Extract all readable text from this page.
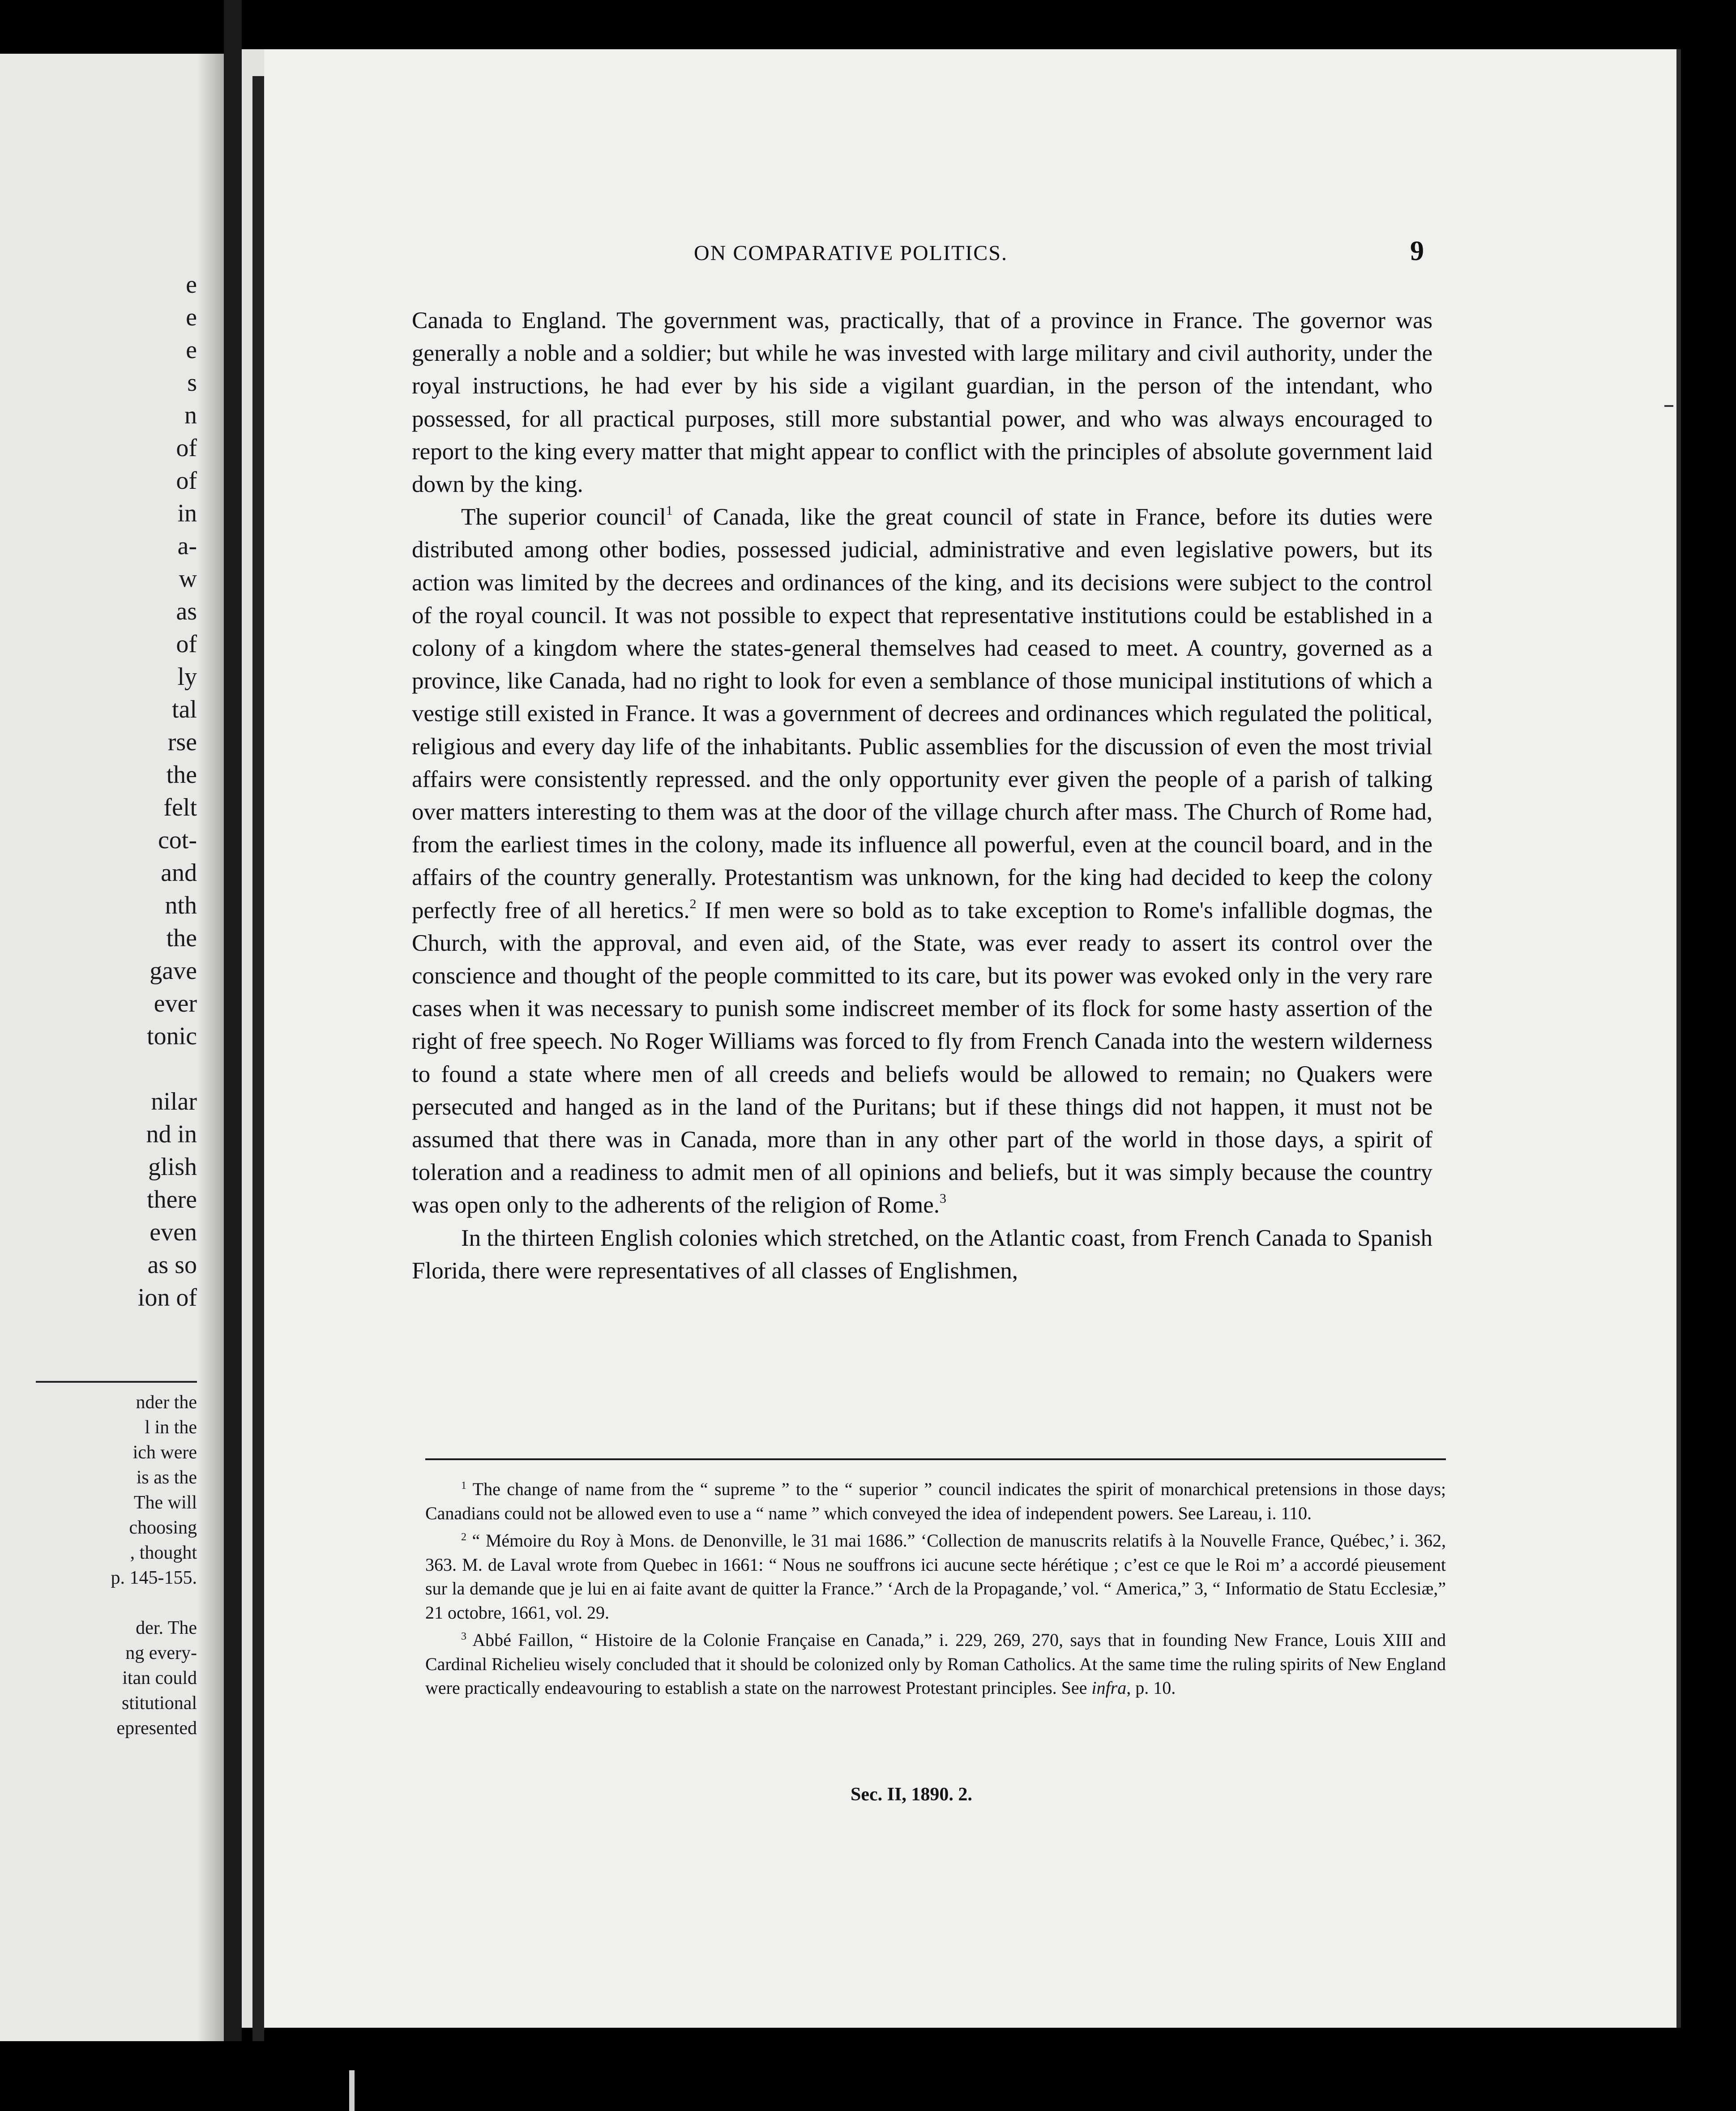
e
e
e
s
n
of
of
in
a-
w
as
of
ly
tal
rse
the
felt
cot-
and
nth
the
gave
ever
tonic

nilar
nd in
glish
there
even
as so
ion of
nder the
l in the
ich were
is as the
The will
choosing
, thought
p. 145-155.

der. The
ng every-
itan could
stitutional
epresented
ON COMPARATIVE POLITICS.	9

Canada to England. The government was, practically, that of a province in France. The governor was generally a noble and a soldier; but while he was invested with large military and civil authority, under the royal instructions, he had ever by his side a vigilant guardian, in the person of the intendant, who possessed, for all practical purposes, still more substantial power, and who was always encouraged to report to the king every matter that might appear to conflict with the principles of absolute government laid down by the king.

The superior council$^1$ of Canada, like the great council of state in France, before its duties were distributed among other bodies, possessed judicial, administrative and even legislative powers, but its action was limited by the decrees and ordinances of the king, and its decisions were subject to the control of the royal council. It was not possible to expect that representative institutions could be established in a colony of a kingdom where the states-general themselves had ceased to meet. A country, governed as a province, like Canada, had no right to look for even a semblance of those municipal institutions of which a vestige still existed in France. It was a government of decrees and ordinances which regulated the political, religious and every day life of the inhabitants. Public assemblies for the discussion of even the most trivial affairs were consistently repressed. and the only opportunity ever given the people of a parish of talking over matters interesting to them was at the door of the village church after mass. The Church of Rome had, from the earliest times in the colony, made its influence all powerful, even at the council board, and in the affairs of the country generally. Protestantism was unknown, for the king had decided to keep the colony perfectly free of all heretics.$^2$ If men were so bold as to take exception to Rome's infallible dogmas, the Church, with the approval, and even aid, of the State, was ever ready to assert its control over the conscience and thought of the people committed to its care, but its power was evoked only in the very rare cases when it was necessary to punish some indiscreet member of its flock for some hasty assertion of the right of free speech. No Roger Williams was forced to fly from French Canada into the western wilderness to found a state where men of all creeds and beliefs would be allowed to remain; no Quakers were persecuted and hanged as in the land of the Puritans; but if these things did not happen, it must not be assumed that there was in Canada, more than in any other part of the world in those days, a spirit of toleration and a readiness to admit men of all opinions and beliefs, but it was simply because the country was open only to the adherents of the religion of Rome.$^3$

In the thirteen English colonies which stretched, on the Atlantic coast, from French Canada to Spanish Florida, there were representatives of all classes of Englishmen,

$^1$ The change of name from the “ supreme ” to the “ superior ” council indicates the spirit of monarchical pretensions in those days; Canadians could not be allowed even to use a “ name ” which conveyed the idea of independent powers. See Lareau, i. 110.

$^2$ “ Mémoire du Roy à Mons. de Denonville, le 31 mai 1686.” ‘Collection de manuscrits relatifs à la Nouvelle France, Québec,’ i. 362, 363. M. de Laval wrote from Quebec in 1661: “ Nous ne souffrons ici aucune secte hérétique ; c’est ce que le Roi m’ a accordé pieusement sur la demande que je lui en ai faite avant de quitter la France.” ‘Arch de la Propagande,’ vol. “ America,” 3, “ Informatio de Statu Ecclesiæ,” 21 octobre, 1661, vol. 29.

$^3$ Abbé Faillon, “ Histoire de la Colonie Française en Canada,” i. 229, 269, 270, says that in founding New France, Louis XIII and Cardinal Richelieu wisely concluded that it should be colonized only by Roman Catholics. At the same time the ruling spirits of New England were practically endeavouring to establish a state on the narrowest Protestant principles. See infra, p. 10.

Sec. II, 1890. 2.
